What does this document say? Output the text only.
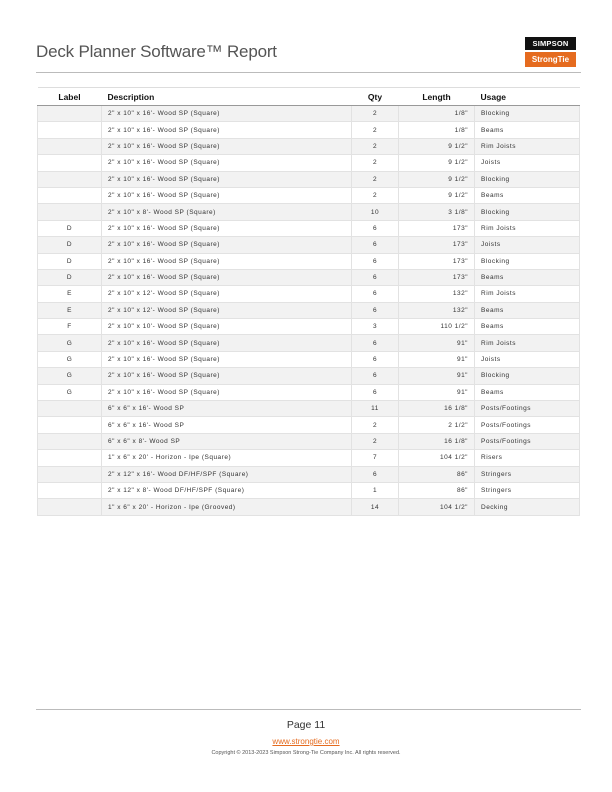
Deck Planner Software™ Report	SIMPSON
StrongTie
Label	Description	Qty	Length	Usage
	2" x 10" x 16'- Wood SP (Square)	2	1/8"	Blocking
	2" x 10" x 16'- Wood SP (Square)	2	1/8"	Beams
	2" x 10" x 16'- Wood SP (Square)	2	9 1/2"	Rim Joists
	2" x 10" x 16'- Wood SP (Square)	2	9 1/2"	Joists
	2" x 10" x 16'- Wood SP (Square)	2	9 1/2"	Blocking
	2" x 10" x 16'- Wood SP (Square)	2	9 1/2"	Beams
	2" x 10" x 8'- Wood SP (Square)	10	3 1/8"	Blocking
D	2" x 10" x 16'- Wood SP (Square)	6	173"	Rim Joists
D	2" x 10" x 16'- Wood SP (Square)	6	173"	Joists
D	2" x 10" x 16'- Wood SP (Square)	6	173"	Blocking
D	2" x 10" x 16'- Wood SP (Square)	6	173"	Beams
E	2" x 10" x 12'- Wood SP (Square)	6	132"	Rim Joists
E	2" x 10" x 12'- Wood SP (Square)	6	132"	Beams
F	2" x 10" x 10'- Wood SP (Square)	3	110 1/2"	Beams
G	2" x 10" x 16'- Wood SP (Square)	6	91"	Rim Joists
G	2" x 10" x 16'- Wood SP (Square)	6	91"	Joists
G	2" x 10" x 16'- Wood SP (Square)	6	91"	Blocking
G	2" x 10" x 16'- Wood SP (Square)	6	91"	Beams
	6" x 6" x 16'- Wood SP	11	16 1/8"	Posts/Footings
	6" x 6" x 16'- Wood SP	2	2 1/2"	Posts/Footings
	6" x 6" x 8'- Wood SP	2	16 1/8"	Posts/Footings
	1" x 6" x 20' - Horizon - Ipe (Square)	7	104 1/2"	Risers
	2" x 12" x 16'- Wood DF/HF/SPF (Square)	6	86"	Stringers
	2" x 12" x 8'- Wood DF/HF/SPF (Square)	1	86"	Stringers
	1" x 6" x 20' - Horizon - Ipe (Grooved)	14	104 1/2"	Decking
Page 11
www.strongtie.com
Copyright © 2013-2023 Simpson Strong-Tie Company Inc. All rights reserved.
